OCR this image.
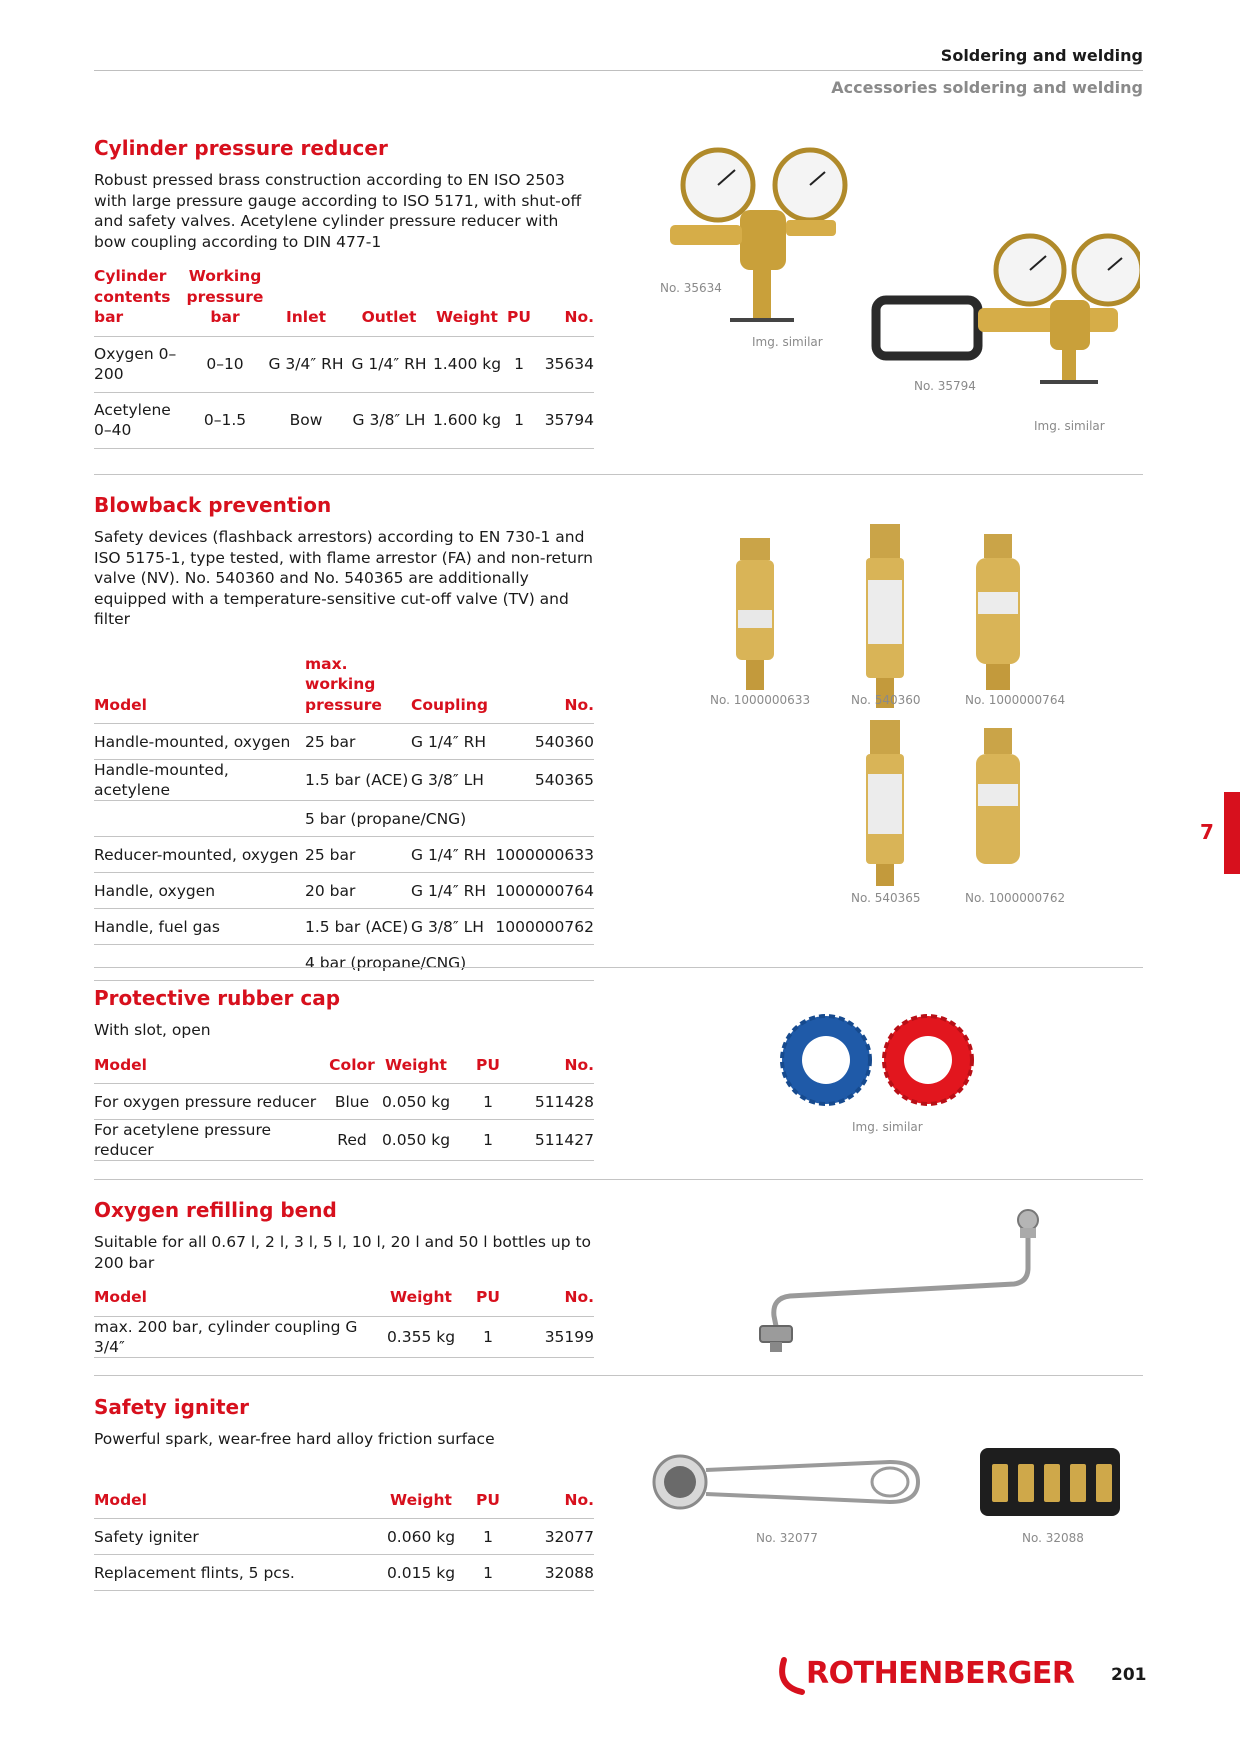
Soldering and welding
Accessories soldering and welding
Cylinder pressure reducer

Robust pressed brass construction according to EN ISO 2503 with large pressure gauge according to ISO 5171, with shut-off and safety valves. Acetylene cylinder pressure reducer with bow coupling according to DIN 477-1

Cylinder contents bar	Working pressure bar	Inlet	Outlet	Weight	PU	No.
Oxygen 0–200	0–10	G 3/4″ RH	G 1/4″ RH	1.400 kg	1	35634
Acetylene 0–40	0–1.5	Bow	G 3/8″ LH	1.600 kg	1	35794
No. 35634
Img. similar
No. 35794
Img. similar
Blowback prevention

Safety devices (flashback arrestors) according to EN 730-1 and ISO 5175-1, type tested, with flame arrestor (FA) and non-return valve (NV). No. 540360 and No. 540365 are additionally equipped with a temperature-sensitive cut-off valve (TV) and filter

Model	max. working pressure	Coupling	No.
Handle-mounted, oxygen	25 bar	G 1/4″ RH	540360
Handle-mounted, acetylene	1.5 bar (ACE)	G 3/8″ LH	540365
	5 bar (propane/CNG)		
Reducer-mounted, oxygen	25 bar	G 1/4″ RH	1000000633
Handle, oxygen	20 bar	G 1/4″ RH	1000000764
Handle, fuel gas	1.5 bar (ACE)	G 3/8″ LH	1000000762
	4 bar (propane/CNG)		
No. 1000000633	No. 540360	No. 1000000764
No. 540365	No. 1000000762
Protective rubber cap

With slot, open

Model	Color	Weight	PU	No.
For oxygen pressure reducer	Blue	0.050 kg	1	511428
For acetylene pressure reducer	Red	0.050 kg	1	511427
Img. similar
Oxygen refilling bend

Suitable for all 0.67 l, 2 l, 3 l, 5 l, 10 l, 20 l and 50 l bottles up to 200 bar

Model	Weight	PU	No.
max. 200 bar, cylinder coupling G 3/4″	0.355 kg	1	35199
Safety igniter

Powerful spark, wear-free hard alloy friction surface

Model	Weight	PU	No.
Safety igniter	0.060 kg	1	32077
Replacement flints, 5 pcs.	0.015 kg	1	32088
No. 32077	No. 32088
7
ROTHENBERGER 201
